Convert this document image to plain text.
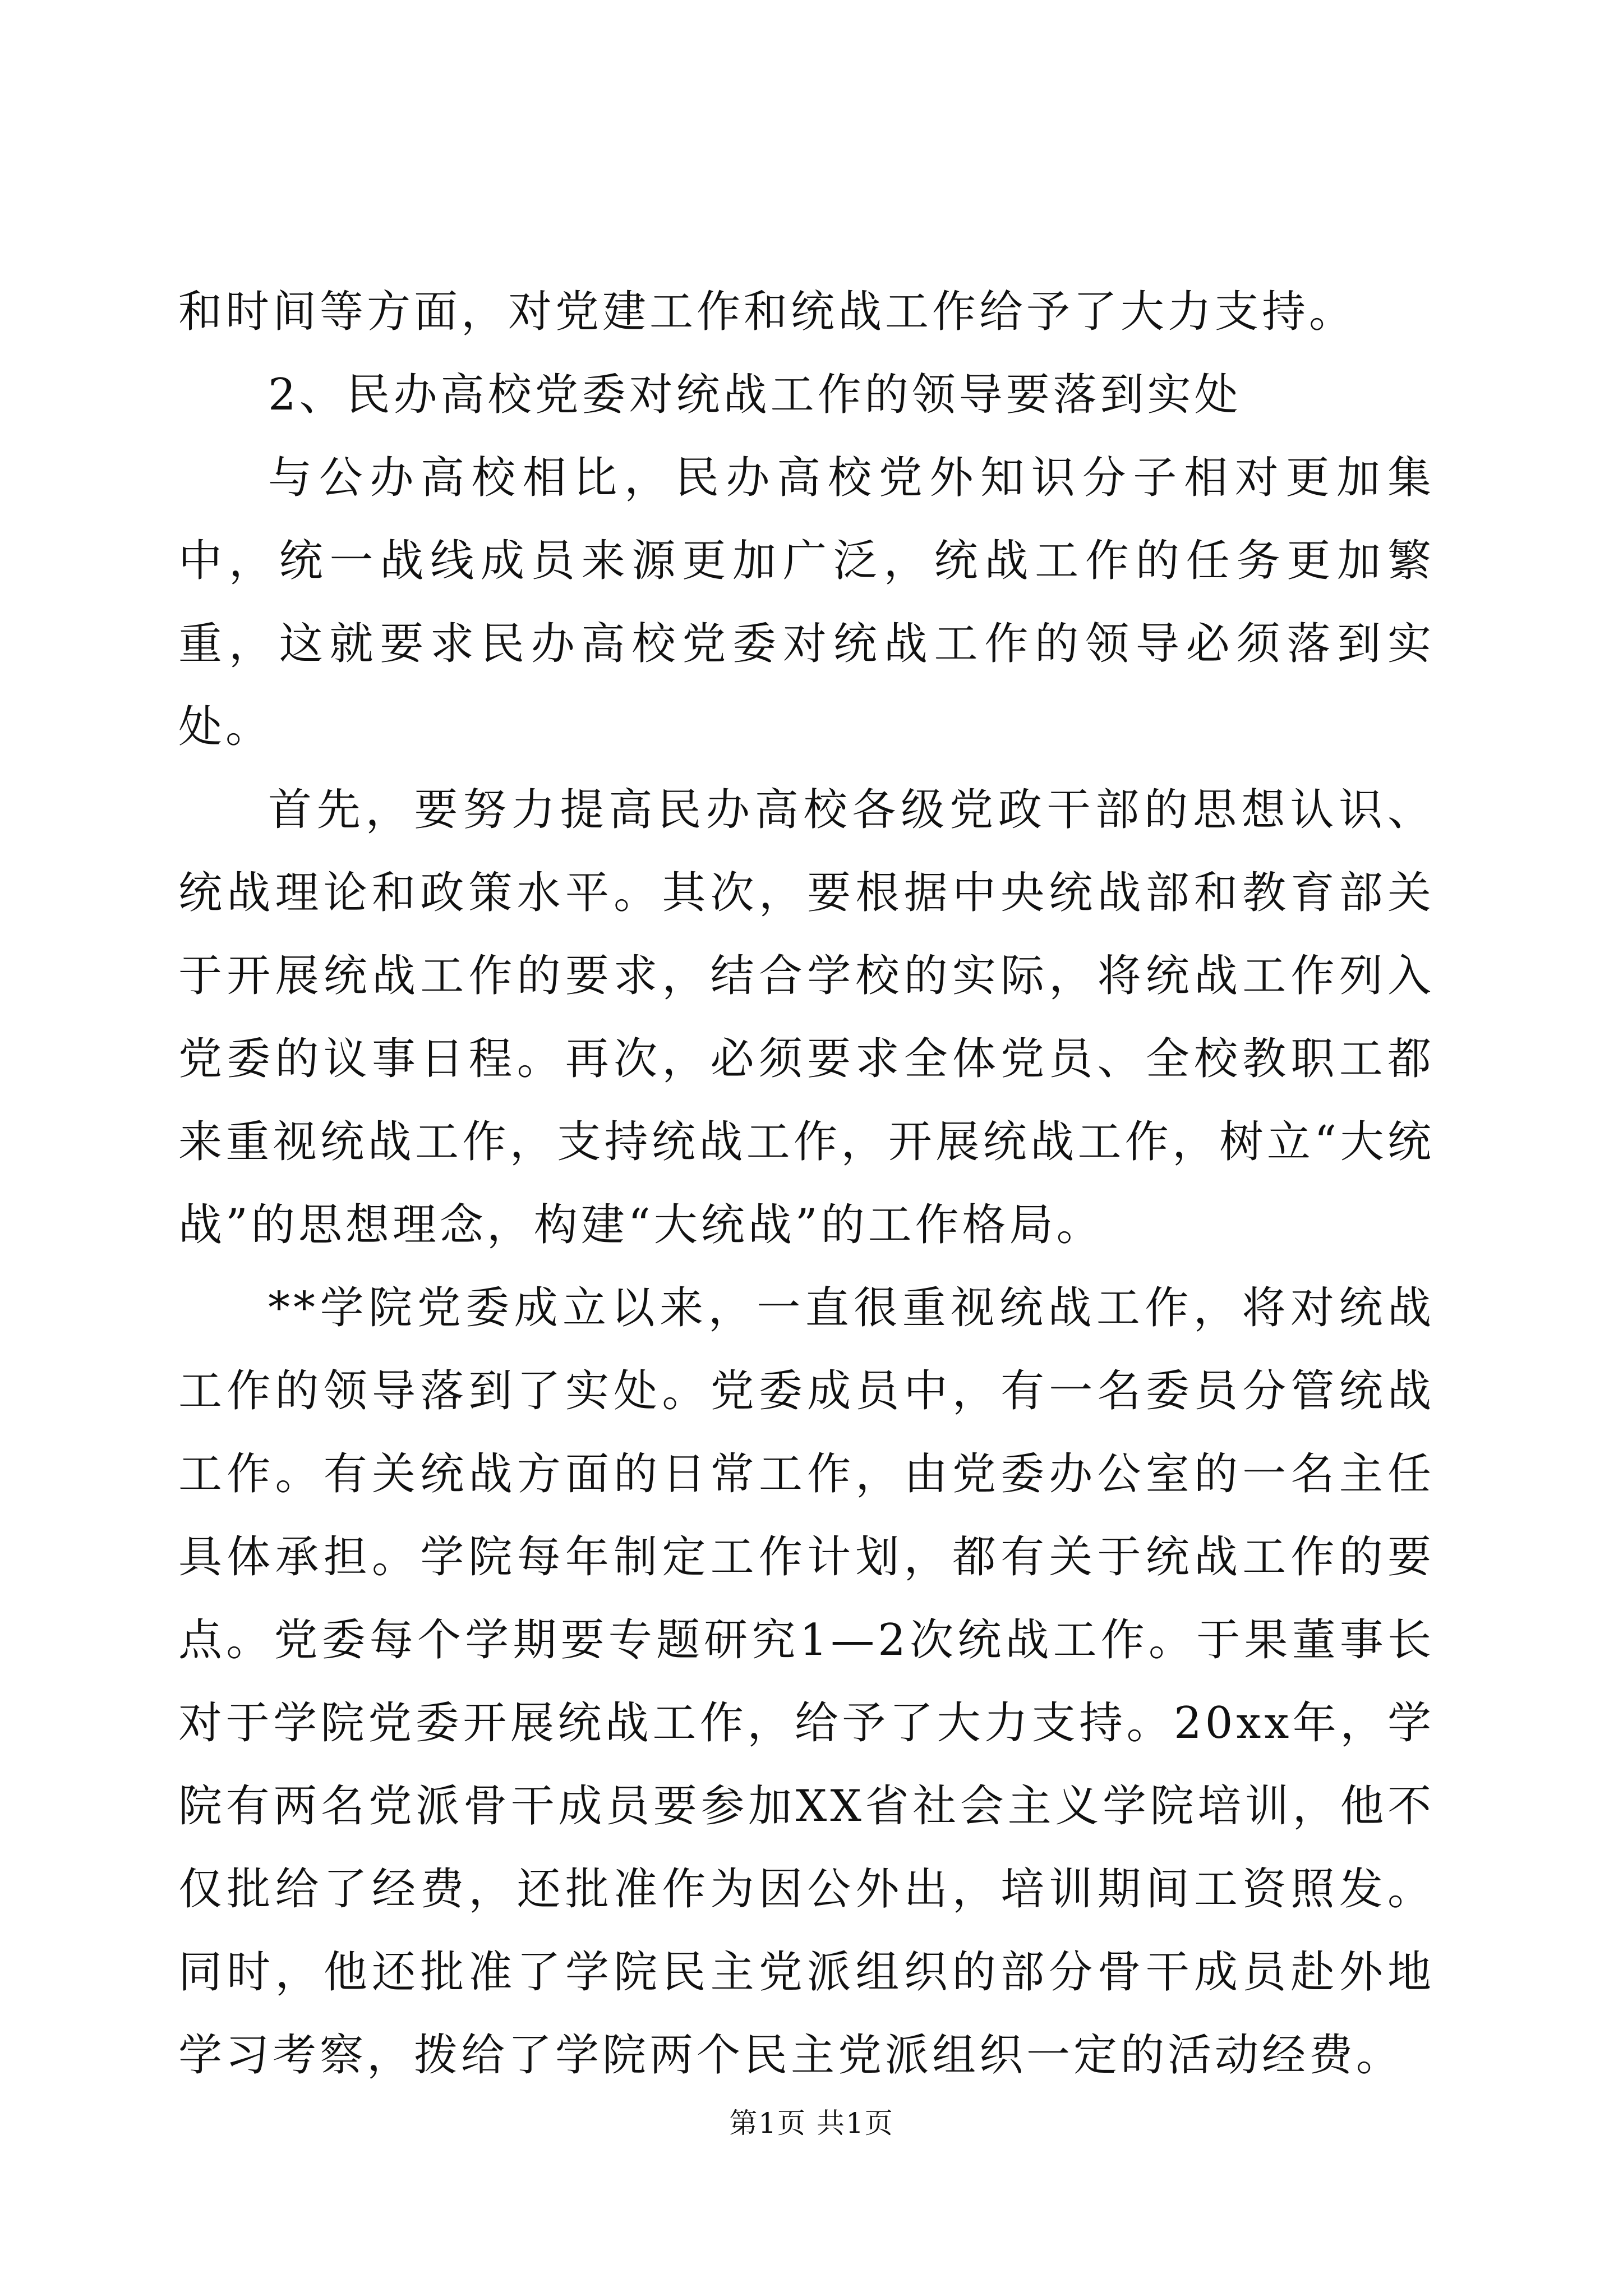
和时间等方面，对党建工作和统战工作给予了大力支持。

2、民办高校党委对统战工作的领导要落到实处

与公办高校相比，民办高校党外知识分子相对更加集中，统一战线成员来源更加广泛，统战工作的任务更加繁重，这就要求民办高校党委对统战工作的领导必须落到实处。

首先，要努力提高民办高校各级党政干部的思想认识、统战理论和政策水平。其次，要根据中央统战部和教育部关于开展统战工作的要求，结合学校的实际，将统战工作列入党委的议事日程。再次，必须要求全体党员、全校教职工都来重视统战工作，支持统战工作，开展统战工作，树立“大统战”的思想理念，构建“大统战”的工作格局。

**学院党委成立以来，一直很重视统战工作，将对统战工作的领导落到了实处。党委成员中，有一名委员分管统战工作。有关统战方面的日常工作，由党委办公室的一名主任具体承担。学院每年制定工作计划，都有关于统战工作的要点。党委每个学期要专题研究1—2次统战工作。于果董事长对于学院党委开展统战工作，给予了大力支持。20xx年，学院有两名党派骨干成员要参加XX省社会主义学院培训，他不仅批给了经费，还批准作为因公外出，培训期间工资照发。同时，他还批准了学院民主党派组织的部分骨干成员赴外地学习考察，拨给了学院两个民主党派组织一定的活动经费。

第1页 共1页
